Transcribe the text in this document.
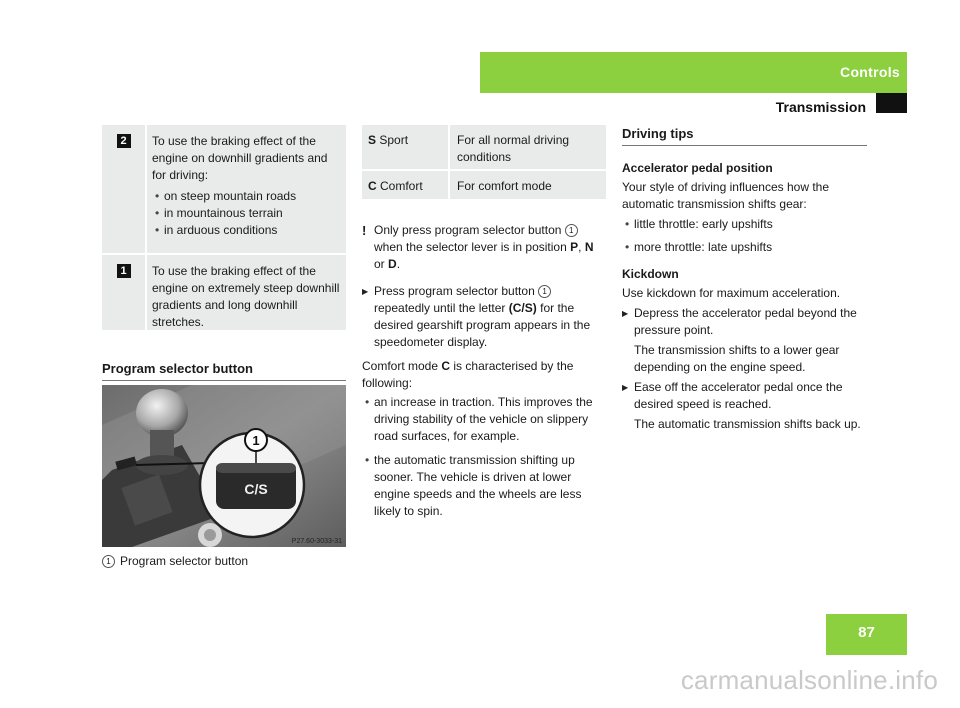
Controls
Transmission
2	To use the braking effect of the engine on downhill gradients and for driving:

• on steep mountain roads

• in mountainous terrain

• in arduous conditions

1	To use the braking effect of the engine on extremely steep downhill gradients and long downhill stretches.

Program selector button
C/S
1
P27.60-3033-31
1 Program selector button
S Sport	For all normal driving conditions
C Comfort	For comfort mode

! Only press program selector button 1when the selector lever is in position P, N or D.

▶ Press program selector button 1repeatedly until the letter (C/S) for the desired gearshift program appears in the speedometer display.

Comfort mode C is characterised by the following:

• an increase in traction. This improves the driving stability of the vehicle on slippery road surfaces, for example.

• the automatic transmission shifting up sooner. The vehicle is driven at lower engine speeds and the wheels are less likely to spin.

Driving tips

Accelerator pedal position

Your style of driving influences how the automatic transmission shifts gear:

• little throttle: early upshifts

• more throttle: late upshifts

Kickdown

Use kickdown for maximum acceleration.

▶ Depress the accelerator pedal beyond the pressure point.

The transmission shifts to a lower gear depending on the engine speed.

▶ Ease off the accelerator pedal once the desired speed is reached.

The automatic transmission shifts back up.

87
carmanualsonline.info
